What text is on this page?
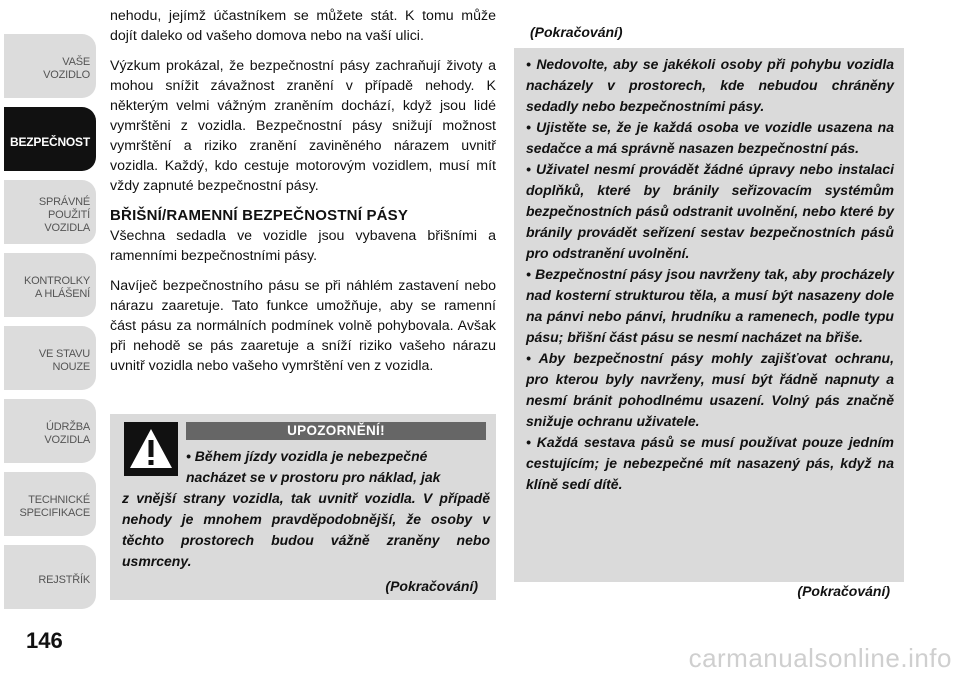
VAŠE
VOZIDLO
BEZPEČNOST
SPRÁVNÉ
POUŽITÍ
VOZIDLA
KONTROLKY
A HLÁŠENÍ
VE STAVU
NOUZE
ÚDRŽBA
VOZIDLA
TECHNICKÉ
SPECIFIKACE
REJSTŘÍK
146

nehodu, jejímž účastníkem se můžete stát. K tomu může dojít daleko od vašeho domova nebo na vaší ulici.

Výzkum prokázal, že bezpečnostní pásy zachraňují životy a mohou snížit závažnost zranění v případě nehody. K některým velmi vážným zraněním dochází, když jsou lidé vymrštěni z vozidla. Bezpečnostní pásy snižují možnost vymrštění a riziko zranění zaviněného nárazem uvnitř vozidla. Každý, kdo cestuje motorovým vozidlem, musí mít vždy zapnuté bezpečnostní pásy.

BŘIŠNÍ/RAMENNÍ BEZPEČNOSTNÍ PÁSY

Všechna sedadla ve vozidle jsou vybavena břišními a ramenními bezpečnostními pásy.

Navíječ bezpečnostního pásu se při náhlém zastavení nebo nárazu zaaretuje. Tato funkce umožňuje, aby se ramenní část pásu za normálních podmínek volně pohybovala. Avšak při nehodě se pás zaaretuje a sníží riziko vašeho nárazu uvnitř vozidla nebo vašeho vymrštění ven z vozidla.

UPOZORNĚNÍ!
• Během jízdy vozidla je nebezpečné
nacházet se v prostoru pro náklad, jak
z vnější strany vozidla, tak uvnitř vozidla. V případě nehody je mnohem pravděpodobnější, že osoby v těchto prostorech budou vážně zraněny nebo usmrceny.
(Pokračování)
(Pokračování)

• Nedovolte, aby se jakékoli osoby při pohybu vozidla nacházely v prostorech, kde nebudou chráněny sedadly nebo bezpečnostními pásy.

• Ujistěte se, že je každá osoba ve vozidle usazena na sedačce a má správně nasazen bezpečnostní pás.

• Uživatel nesmí provádět žádné úpravy nebo instalaci doplňků, které by bránily seřizovacím systémům bezpečnostních pásů odstranit uvolnění, nebo které by bránily provádět seřízení sestav bezpečnostních pásů pro odstranění uvolnění.

• Bezpečnostní pásy jsou navrženy tak, aby procházely nad kosterní strukturou těla, a musí být nasazeny dole na pánvi nebo pánvi, hrudníku a ramenech, podle typu pásu; břišní část pásu se nesmí nacházet na břiše.

• Aby bezpečnostní pásy mohly zajišťovat ochranu, pro kterou byly navrženy, musí být řádně napnuty a nesmí bránit pohodlnému usazení. Volný pás značně snižuje ochranu uživatele.

• Každá sestava pásů se musí používat pouze jedním cestujícím; je nebezpečné mít nasazený pás, když na klíně sedí dítě.

(Pokračování)
carmanualsonline.info
